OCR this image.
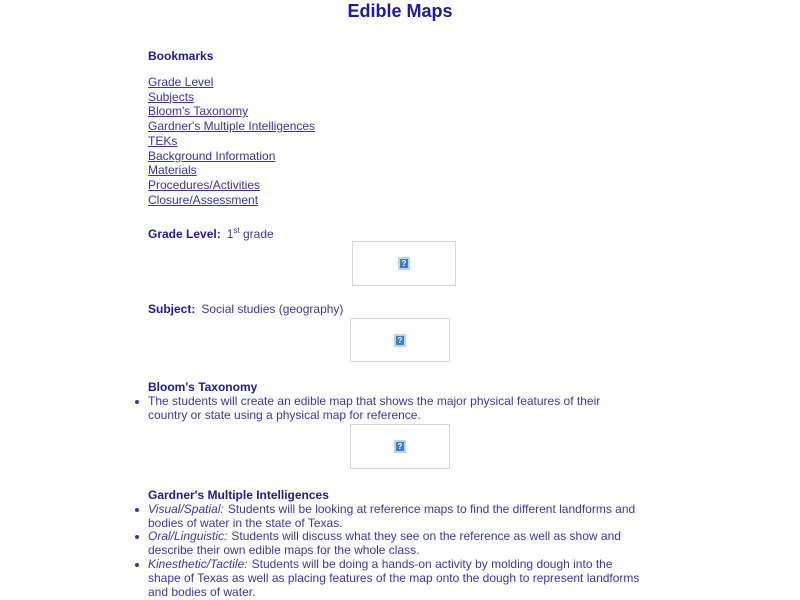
Edible Maps
Bookmarks
Grade Level
Subjects
Bloom's Taxonomy
Gardner's Multiple Intelligences
TEKs
Background Information
Materials
Procedures/Activities
Closure/Assessment
Grade Level: 1st grade
?
Subject: Social studies (geography)
?
Bloom's Taxonomy
The students will create an edible map that shows the major physical features of their country or state using a physical map for reference.
?
Gardner's Multiple Intelligences
Visual/Spatial: Students will be looking at reference maps to find the different landforms and bodies of water in the state of Texas.
Oral/Linguistic: Students will discuss what they see on the reference as well as show and describe their own edible maps for the whole class.
Kinesthetic/Tactile: Students will be doing a hands-on activity by molding dough into the shape of Texas as well as placing features of the map onto the dough to represent landforms and bodies of water.
